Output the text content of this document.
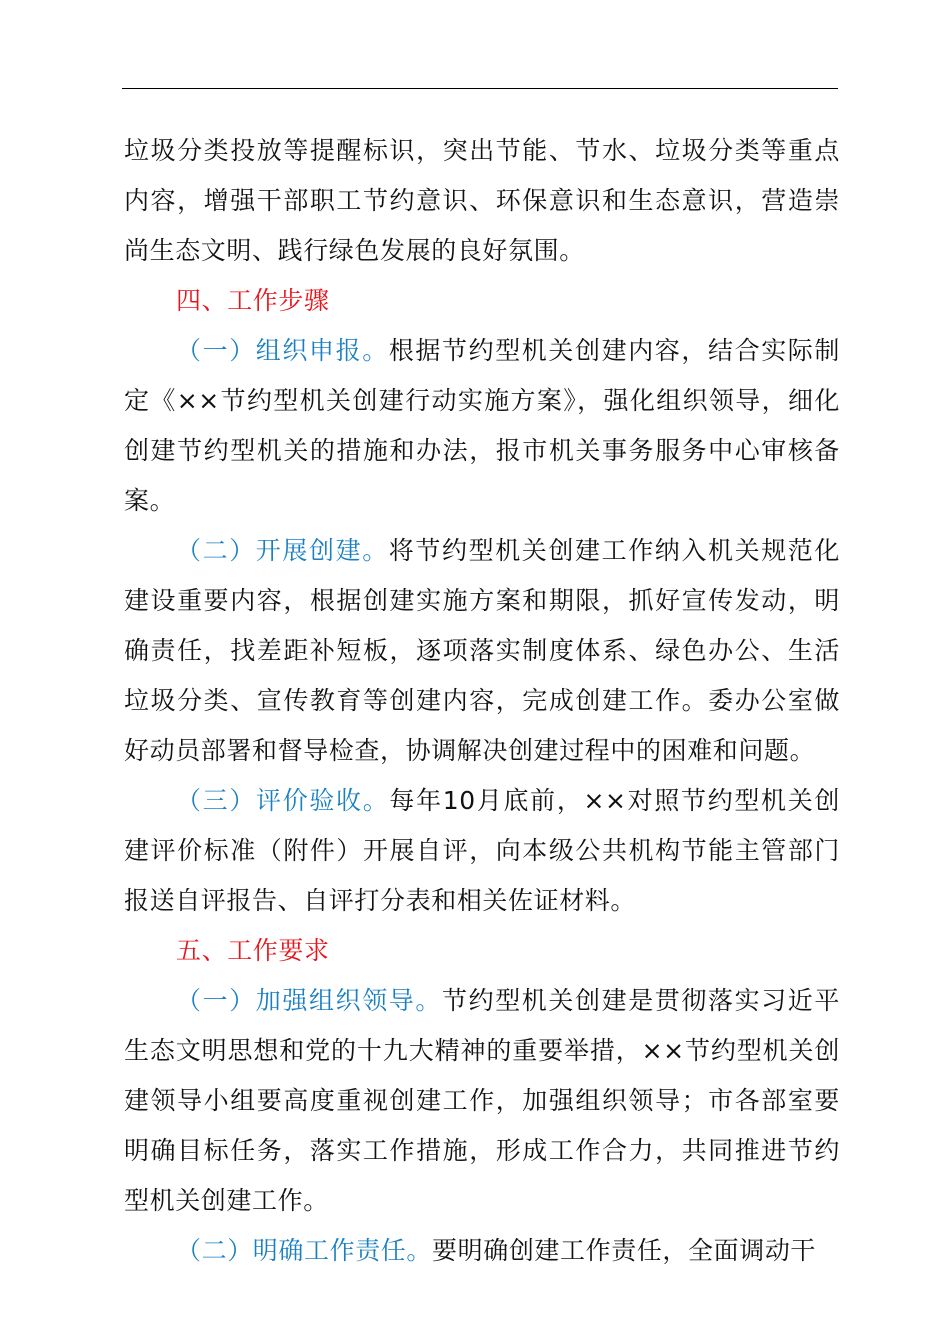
垃圾分类投放等提醒标识，突出节能、节水、垃圾分类等重点内容，增强干部职工节约意识、环保意识和生态意识，营造崇尚生态文明、践行绿色发展的良好氛围。

四、工作步骤

（一）组织申报。根据节约型机关创建内容，结合实际制定《××节约型机关创建行动实施方案》，强化组织领导，细化创建节约型机关的措施和办法，报市机关事务服务中心审核备案。

（二）开展创建。将节约型机关创建工作纳入机关规范化建设重要内容，根据创建实施方案和期限，抓好宣传发动，明确责任，找差距补短板，逐项落实制度体系、绿色办公、生活垃圾分类、宣传教育等创建内容，完成创建工作。委办公室做好动员部署和督导检查，协调解决创建过程中的困难和问题。

（三）评价验收。每年10月底前，××对照节约型机关创建评价标准（附件）开展自评，向本级公共机构节能主管部门报送自评报告、自评打分表和相关佐证材料。

五、工作要求

（一）加强组织领导。节约型机关创建是贯彻落实习近平生态文明思想和党的十九大精神的重要举措，××节约型机关创建领导小组要高度重视创建工作，加强组织领导；市各部室要明确目标任务，落实工作措施，形成工作合力，共同推进节约型机关创建工作。

（二）明确工作责任。要明确创建工作责任，全面调动干
